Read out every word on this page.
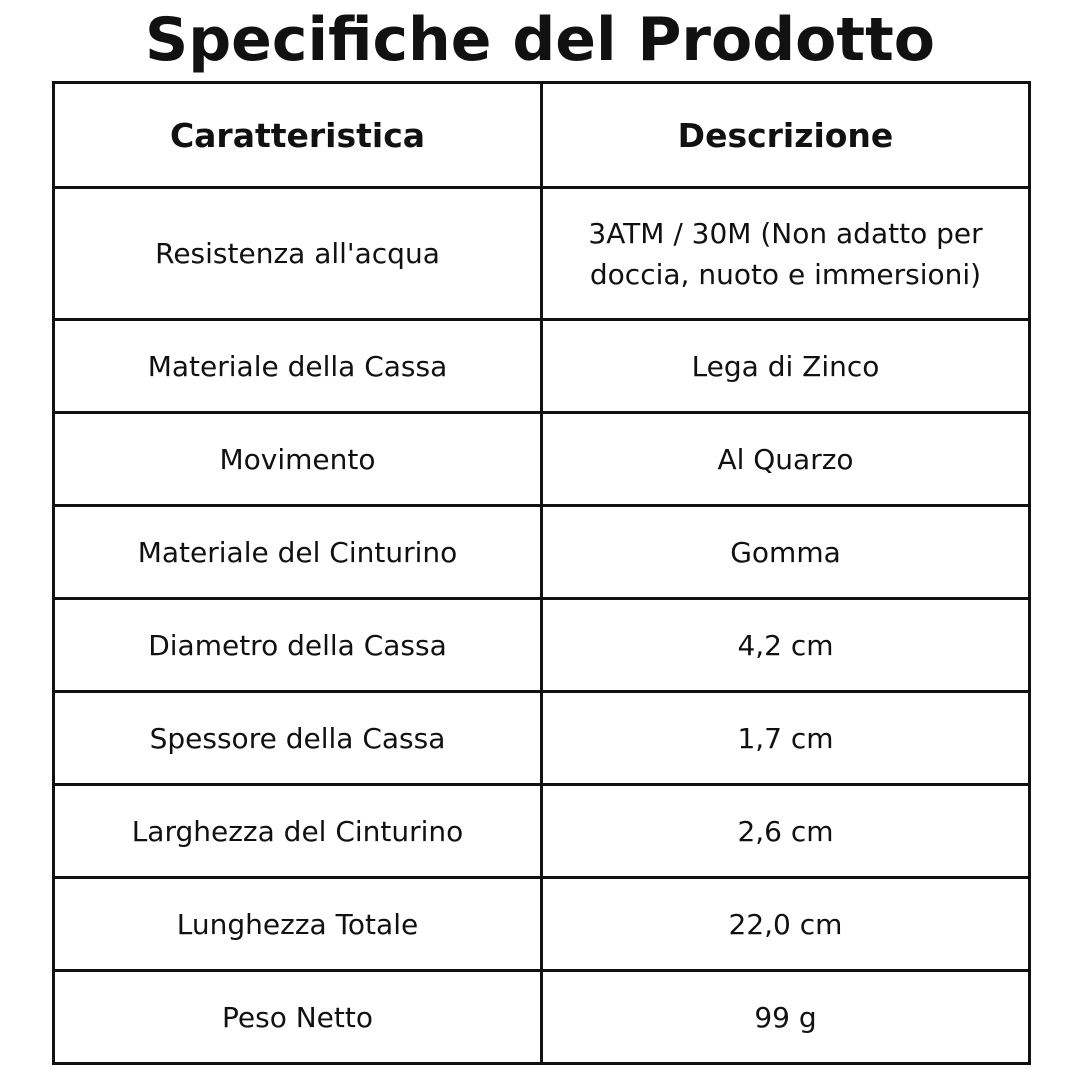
Specifiche del Prodotto
Caratteristica	Descrizione
Resistenza all'acqua	3ATM / 30M (Non adatto per doccia, nuoto e immersioni)
Materiale della Cassa	Lega di Zinco
Movimento	Al Quarzo
Materiale del Cinturino	Gomma
Diametro della Cassa	4,2 cm
Spessore della Cassa	1,7 cm
Larghezza del Cinturino	2,6 cm
Lunghezza Totale	22,0 cm
Peso Netto	99 g
